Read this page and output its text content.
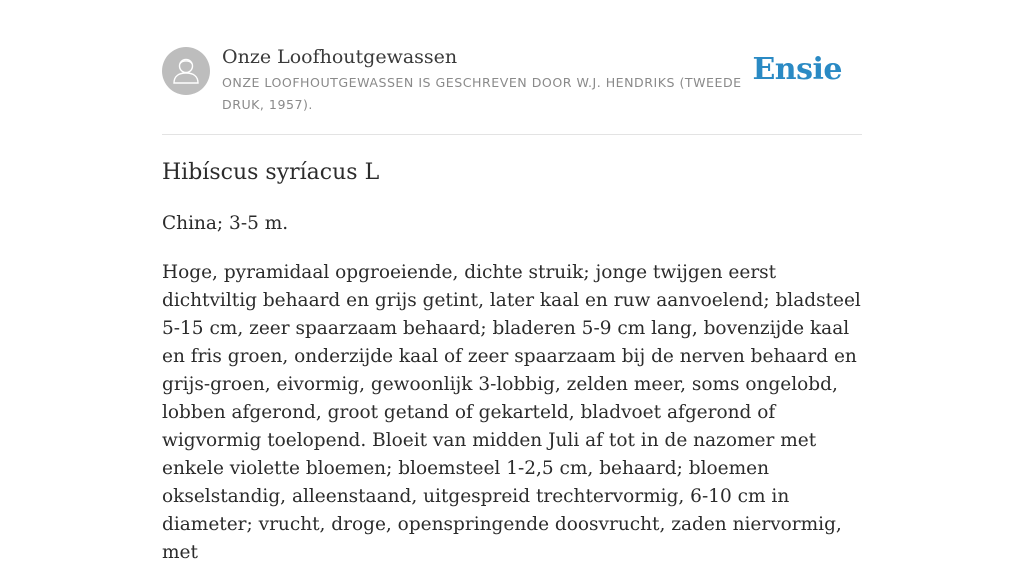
Onze Loofhoutgewassen
ONZE LOOFHOUTGEWASSEN IS GESCHREVEN DOOR W.J. HENDRIKS (TWEEDE DRUK, 1957).
Ensie
Hibíscus syríacus L

China; 3-5 m.

Hoge, pyramidaal opgroeiende, dichte struik; jonge twijgen eerst dichtviltig behaard en grijs getint, later kaal en ruw aanvoelend; bladsteel 5-15 cm, zeer spaarzaam behaard; bladeren 5-9 cm lang, bovenzijde kaal en fris groen, onderzijde kaal of zeer spaarzaam bij de nerven behaard en grijs-groen, eivormig, gewoonlijk 3-lobbig, zelden meer, soms ongelobd, lobben afgerond, groot getand of gekarteld, bladvoet afgerond of wigvormig toelopend. Bloeit van midden Juli af tot in de nazomer met enkele violette bloemen; bloemsteel 1-2,5 cm, behaard; bloemen okselstandig, alleenstaand, uitgespreid trechtervormig, 6-10 cm in diameter; vrucht, droge, openspringende doosvrucht, zaden niervormig, met
